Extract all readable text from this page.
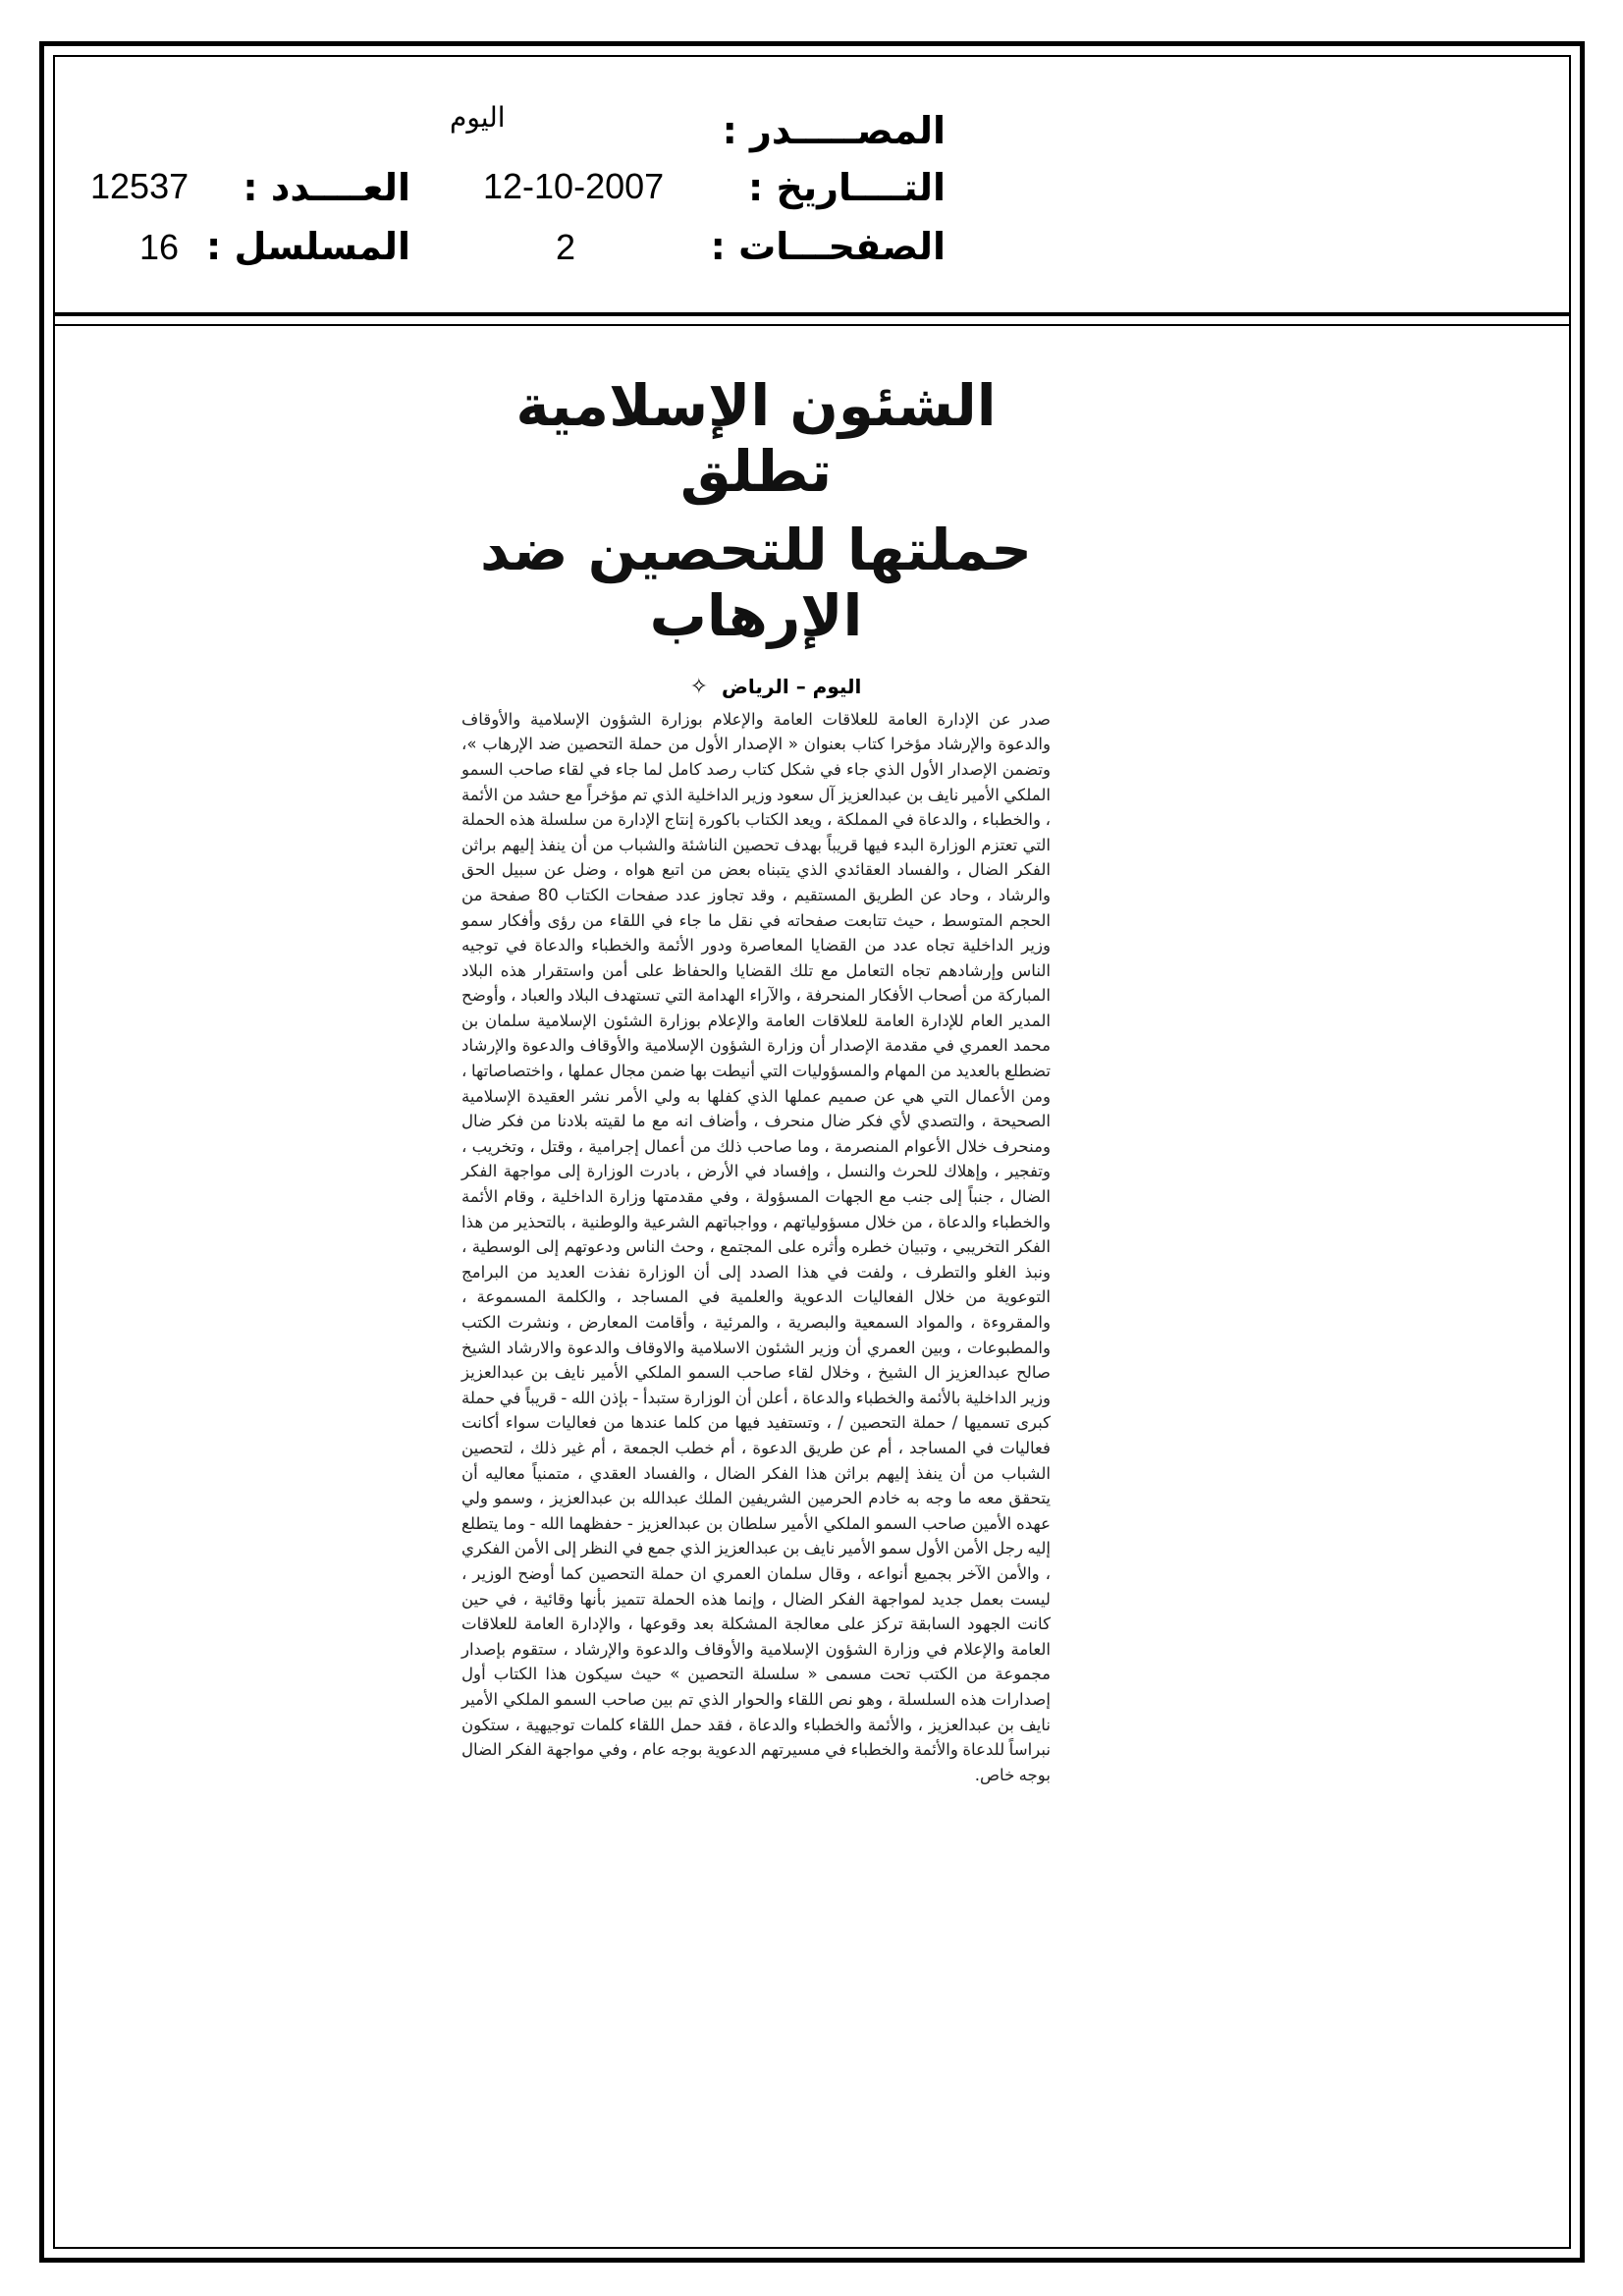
المصـــــدر :
اليوم
التــــاريخ :
12-10-2007
العــــدد :
12537
الصفحـــات :
2
المسلسل :
16
الشئون الإسلامية تطلق
حملتها للتحصين ضد الإرهاب
اليوم – الرياض✧
صدر عن الإدارة العامة للعلاقات العامة والإعلام بوزارة الشؤون الإسلامية والأوقاف والدعوة والإرشاد مؤخرا كتاب بعنوان « الإصدار الأول من حملة التحصين ضد الإرهاب »، وتضمن الإصدار الأول الذي جاء في شكل كتاب رصد كامل لما جاء في لقاء صاحب السمو الملكي الأمير نايف بن عبدالعزيز آل سعود وزير الداخلية الذي تم مؤخراً مع حشد من الأئمة ، والخطباء ، والدعاة في المملكة ، ويعد الكتاب باكورة إنتاج الإدارة من سلسلة هذه الحملة التي تعتزم الوزارة البدء فيها قريباً بهدف تحصين الناشئة والشباب من أن ينفذ إليهم براثن الفكر الضال ، والفساد العقائدي الذي يتبناه بعض من اتبع هواه ، وضل عن سبيل الحق والرشاد ، وحاد عن الطريق المستقيم ، وقد تجاوز عدد صفحات الكتاب 80 صفحة من الحجم المتوسط ، حيث تتابعت صفحاته في نقل ما جاء في اللقاء من رؤى وأفكار سمو وزير الداخلية تجاه عدد من القضايا المعاصرة ودور الأئمة والخطباء والدعاة في توجيه الناس وإرشادهم تجاه التعامل مع تلك القضايا والحفاظ على أمن واستقرار هذه البلاد المباركة من أصحاب الأفكار المنحرفة ، والآراء الهدامة التي تستهدف البلاد والعباد ، وأوضح المدير العام للإدارة العامة للعلاقات العامة والإعلام بوزارة الشئون الإسلامية سلمان بن محمد العمري في مقدمة الإصدار أن وزارة الشؤون الإسلامية والأوقاف والدعوة والإرشاد تضطلع بالعديد من المهام والمسؤوليات التي أنيطت بها ضمن مجال عملها ، واختصاصاتها ، ومن الأعمال التي هي عن صميم عملها الذي كفلها به ولي الأمر نشر العقيدة الإسلامية الصحيحة ، والتصدي لأي فكر ضال منحرف ، وأضاف انه مع ما لقيته بلادنا من فكر ضال ومنحرف خلال الأعوام المنصرمة ، وما صاحب ذلك من أعمال إجرامية ، وقتل ، وتخريب ، وتفجير ، وإهلاك للحرث والنسل ، وإفساد في الأرض ، بادرت الوزارة إلى مواجهة الفكر الضال ، جنباً إلى جنب مع الجهات المسؤولة ، وفي مقدمتها وزارة الداخلية ، وقام الأئمة والخطباء والدعاة ، من خلال مسؤولياتهم ، وواجباتهم الشرعية والوطنية ، بالتحذير من هذا الفكر التخريبي ، وتبيان خطره وأثره على المجتمع ، وحث الناس ودعوتهم إلى الوسطية ، ونبذ الغلو والتطرف ، ولفت في هذا الصدد إلى أن الوزارة نفذت العديد من البرامج التوعوية من خلال الفعاليات الدعوية والعلمية في المساجد ، والكلمة المسموعة ، والمقروءة ، والمواد السمعية والبصرية ، والمرئية ، وأقامت المعارض ، ونشرت الكتب والمطبوعات ، وبين العمري أن وزير الشئون الاسلامية والاوقاف والدعوة والارشاد الشيخ صالح عبدالعزيز ال الشيخ ، وخلال لقاء صاحب السمو الملكي الأمير نايف بن عبدالعزيز وزير الداخلية بالأئمة والخطباء والدعاة ، أعلن أن الوزارة ستبدأ - بإذن الله - قريباً في حملة كبرى تسميها / حملة التحصين / ، وتستفيد فيها من كلما عندها من فعاليات سواء أكانت فعاليات في المساجد ، أم عن طريق الدعوة ، أم خطب الجمعة ، أم غير ذلك ، لتحصين الشباب من أن ينفذ إليهم براثن هذا الفكر الضال ، والفساد العقدي ، متمنياً معاليه أن يتحقق معه ما وجه به خادم الحرمين الشريفين الملك عبدالله بن عبدالعزيز ، وسمو ولي عهده الأمين صاحب السمو الملكي الأمير سلطان بن عبدالعزيز - حفظهما الله - وما يتطلع إليه رجل الأمن الأول سمو الأمير نايف بن عبدالعزيز الذي جمع في النظر إلى الأمن الفكري ، والأمن الآخر بجميع أنواعه ، وقال سلمان العمري ان حملة التحصين كما أوضح الوزير ، ليست بعمل جديد لمواجهة الفكر الضال ، وإنما هذه الحملة تتميز بأنها وقائية ، في حين كانت الجهود السابقة تركز على معالجة المشكلة بعد وقوعها ، والإدارة العامة للعلاقات العامة والإعلام في وزارة الشؤون الإسلامية والأوقاف والدعوة والإرشاد ، ستقوم بإصدار مجموعة من الكتب تحت مسمى « سلسلة التحصين » حيث سيكون هذا الكتاب أول إصدارات هذه السلسلة ، وهو نص اللقاء والحوار الذي تم بين صاحب السمو الملكي الأمير نايف بن عبدالعزيز ، والأئمة والخطباء والدعاة ، فقد حمل اللقاء كلمات توجيهية ، ستكون نبراساً للدعاة والأئمة والخطباء في مسيرتهم الدعوية بوجه عام ، وفي مواجهة الفكر الضال بوجه خاص.
